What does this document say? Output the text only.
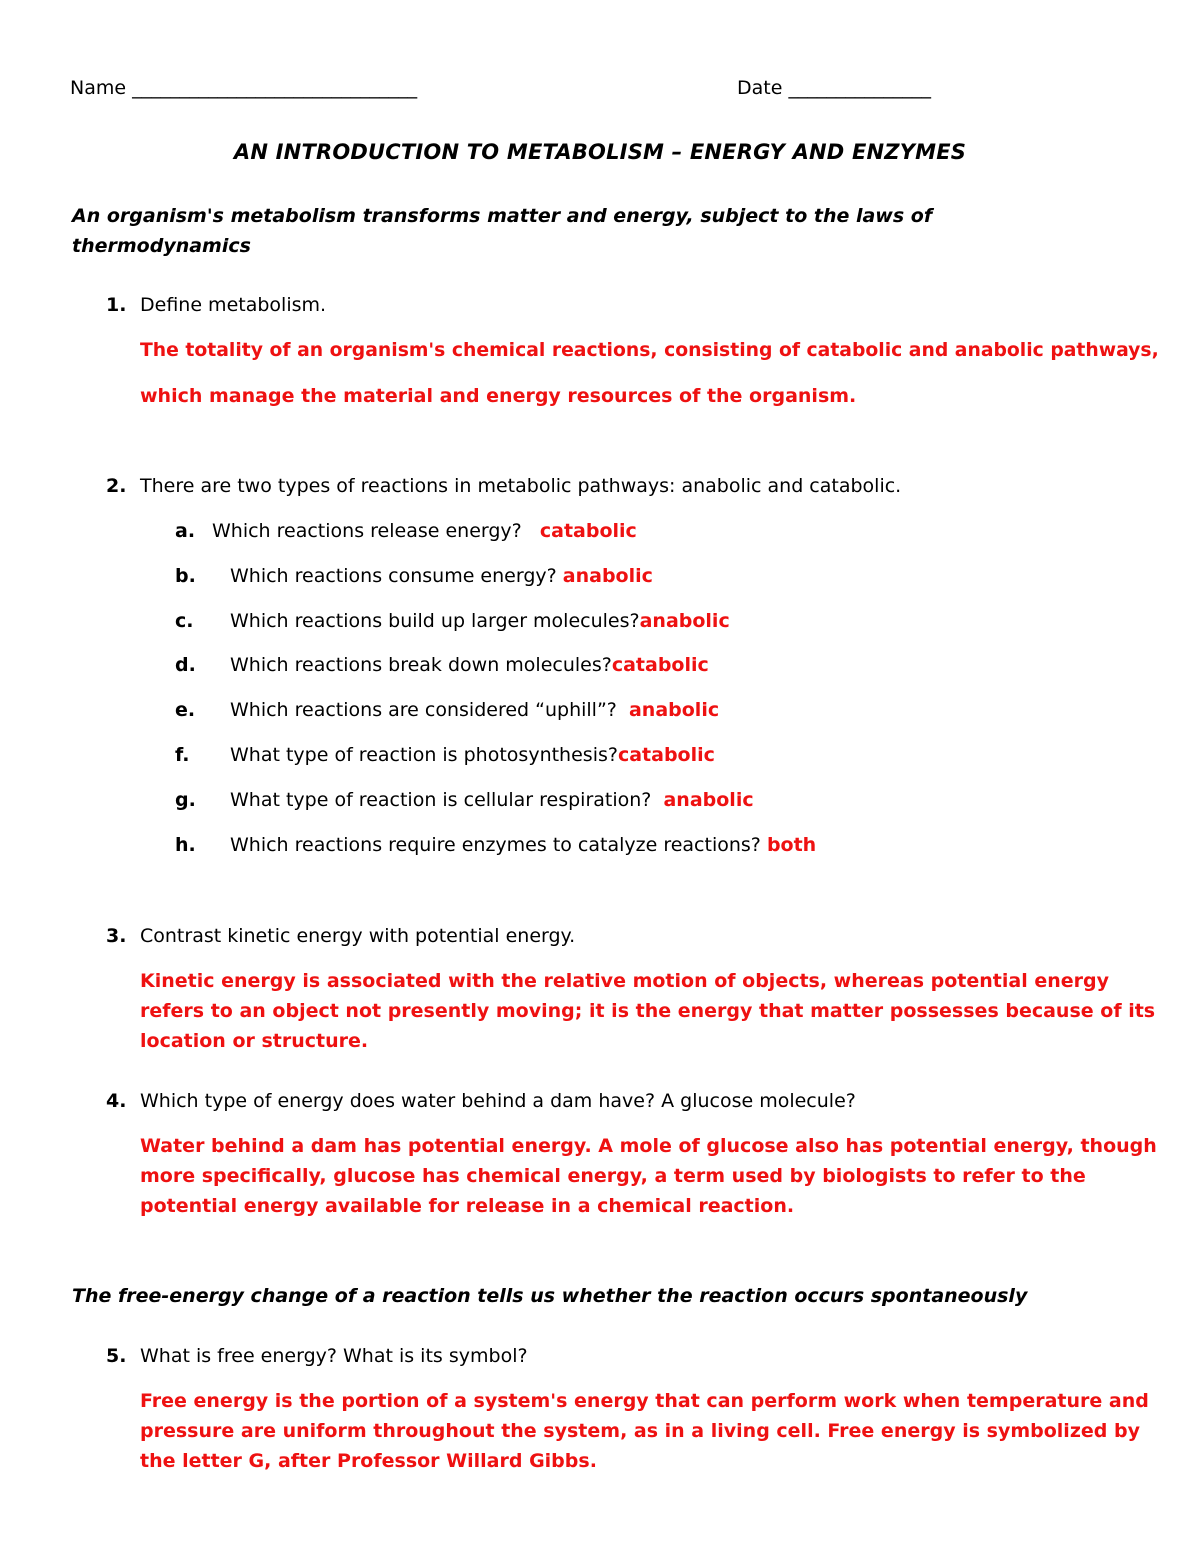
Name ______________________________	Date _______________
AN INTRODUCTION TO METABOLISM – ENERGY AND ENZYMES
An organism's metabolism transforms matter and energy, subject to the laws of
thermodynamics
1. Define metabolism.
The totality of an organism's chemical reactions, consisting of catabolic and anabolic pathways,
which manage the material and energy resources of the organism.
2. There are two types of reactions in metabolic pathways: anabolic and catabolic.
a. Which reactions release energy? catabolic
b. Which reactions consume energy? anabolic
c. Which reactions build up larger molecules?anabolic
d. Which reactions break down molecules?catabolic
e. Which reactions are considered “uphill”? anabolic
f. What type of reaction is photosynthesis?catabolic
g. What type of reaction is cellular respiration? anabolic
h. Which reactions require enzymes to catalyze reactions? both
3. Contrast kinetic energy with potential energy.
Kinetic energy is associated with the relative motion of objects, whereas potential energy
refers to an object not presently moving; it is the energy that matter possesses because of its
location or structure.
4. Which type of energy does water behind a dam have? A glucose molecule?
Water behind a dam has potential energy. A mole of glucose also has potential energy, though
more specifically, glucose has chemical energy, a term used by biologists to refer to the
potential energy available for release in a chemical reaction.
The free-energy change of a reaction tells us whether the reaction occurs spontaneously
5. What is free energy? What is its symbol?
Free energy is the portion of a system's energy that can perform work when temperature and
pressure are uniform throughout the system, as in a living cell. Free energy is symbolized by
the letter G, after Professor Willard Gibbs.
